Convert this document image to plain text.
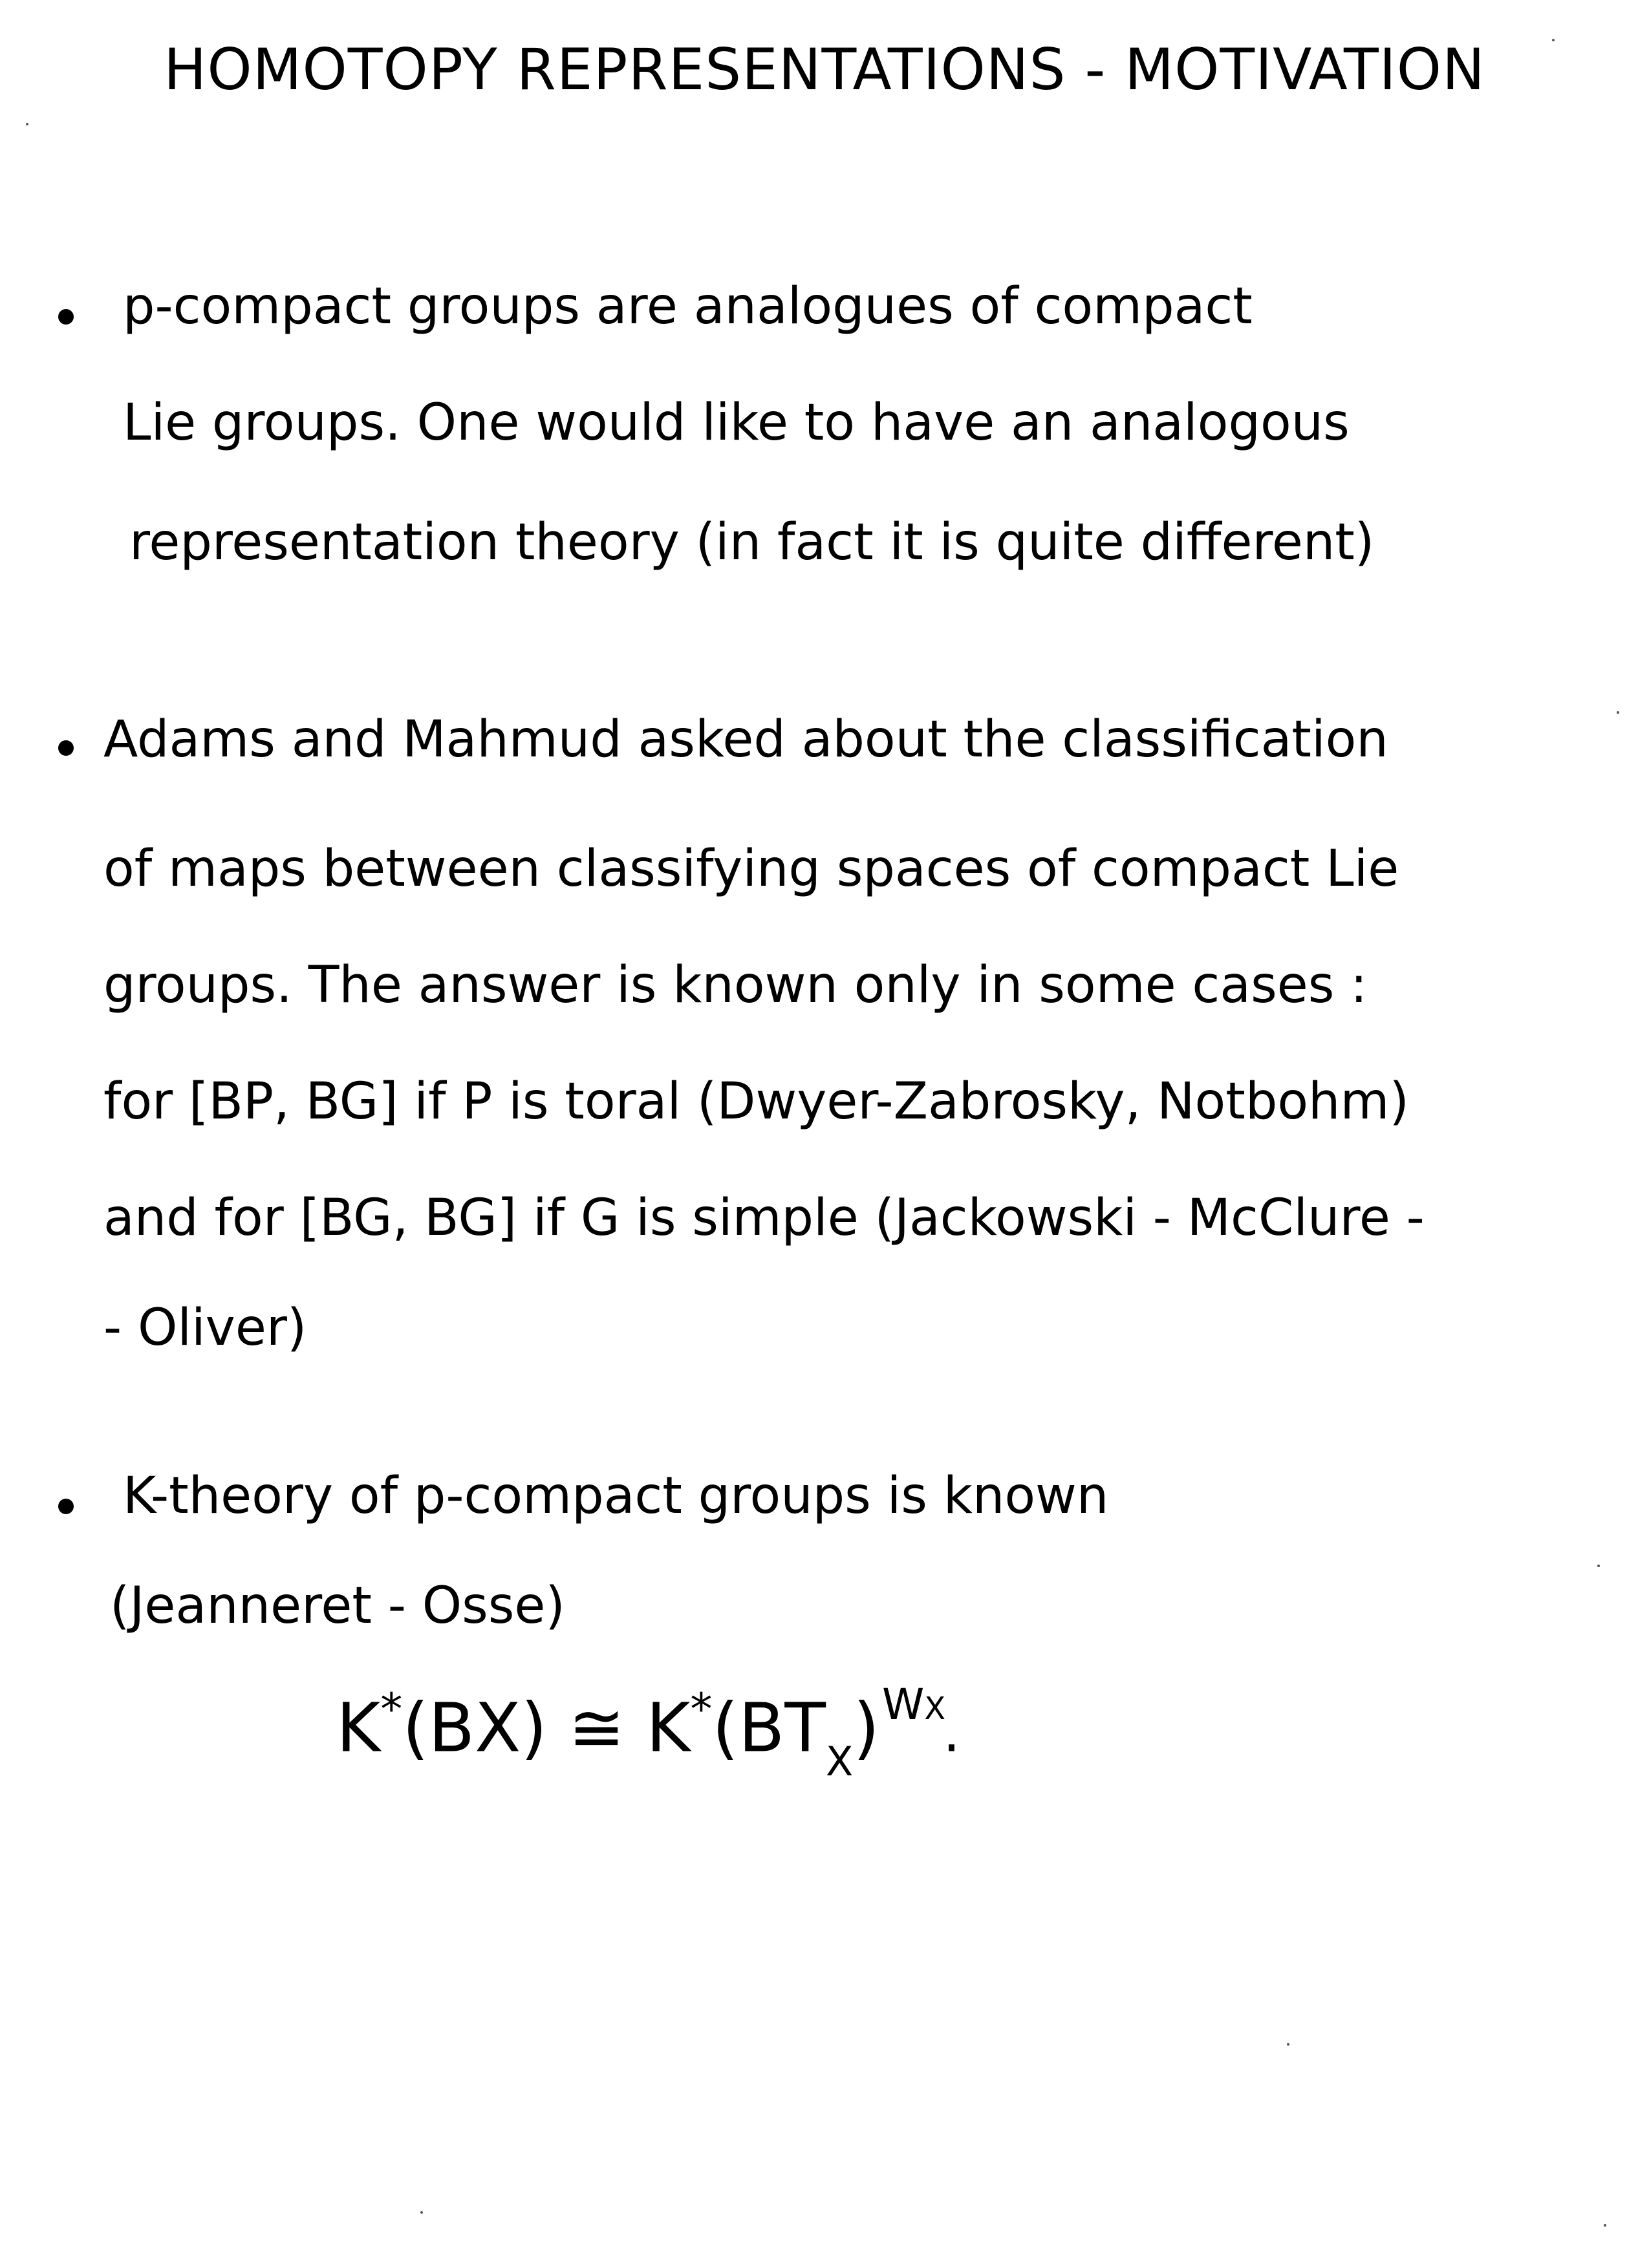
HOMOTOPY REPRESENTATIONS - MOTIVATION
p-compact groups are analogues of compact
Lie groups. One would like to have an analogous
representation theory (in fact it is quite different)
Adams and Mahmud asked about the classification
of maps between classifying spaces of compact Lie
groups. The answer is known only in some cases :
for [BP, BG] if P is toral (Dwyer-Zabrosky, Notbohm)
and for [BG, BG] if G is simple (Jackowski - McClure -
- Oliver)
K-theory of p-compact groups is known
(Jeanneret - Osse)
K*(BX) ≅ $K^*(BT_X)^{WX}$.
